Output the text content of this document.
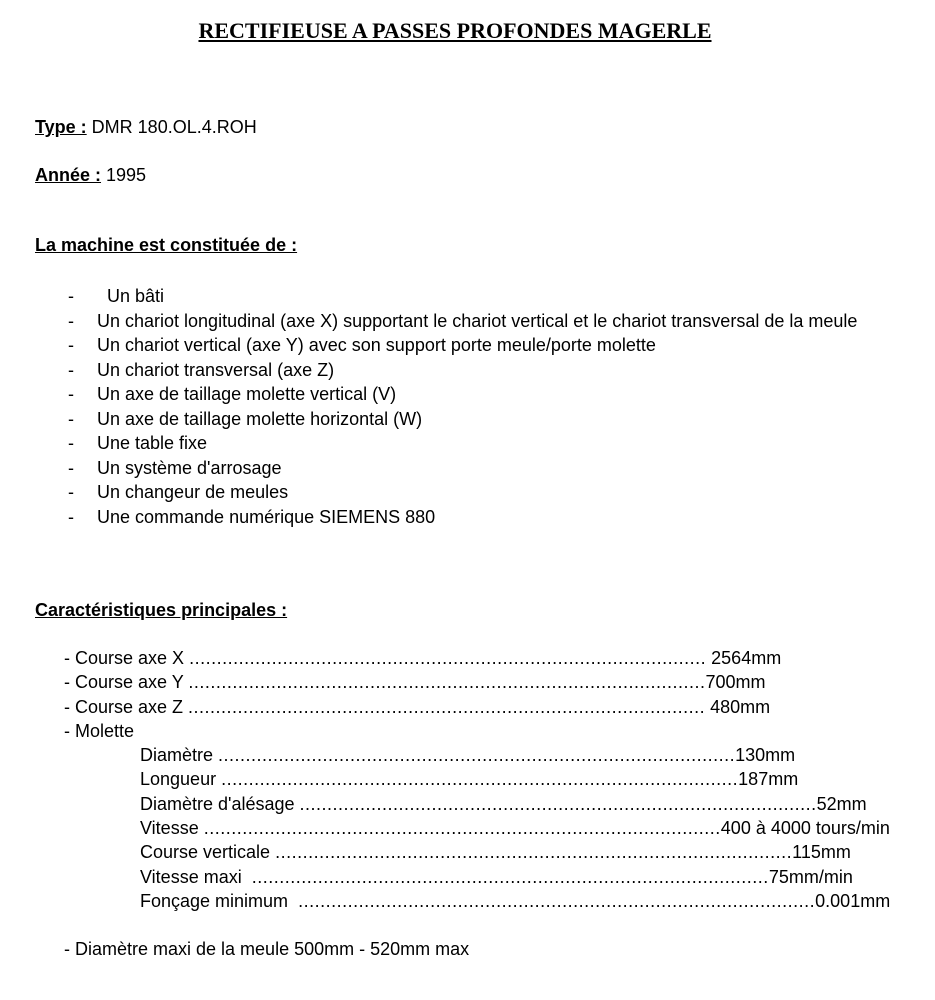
RECTIFIEUSE A PASSES PROFONDES MAGERLE
Type : DMR 180.OL.4.ROH
Année : 1995
La machine est constituée de :
-	Un bâti
-	Un chariot longitudinal (axe X) supportant le chariot vertical et le chariot transversal de la meule
-	Un chariot vertical (axe Y) avec son support porte meule/porte molette
-	Un chariot transversal (axe Z)
-	Un axe de taillage molette vertical (V)
-	Un axe de taillage molette horizontal (W)
-	Une table fixe
-	Un système d'arrosage
-	Un changeur de meules
-	Une commande numérique SIEMENS 880
Caractéristiques principales :
- Course axe X .............................................................................................. 2564mm
- Course axe Y .............................................................................................. 700mm
- Course axe Z .............................................................................................. 480mm
- Molette
Diamètre .............................................................................................. 130mm
Longueur .............................................................................................. 187mm
Diamètre d'alésage .............................................................................................. 52mm
Vitesse .............................................................................................. 400 à 4000 tours/min
Course verticale .............................................................................................. 115mm
Vitesse maxi .............................................................................................. 75mm/min
Fonçage minimum .............................................................................................. 0.001mm
- Diamètre maxi de la meule 500mm - 520mm max
